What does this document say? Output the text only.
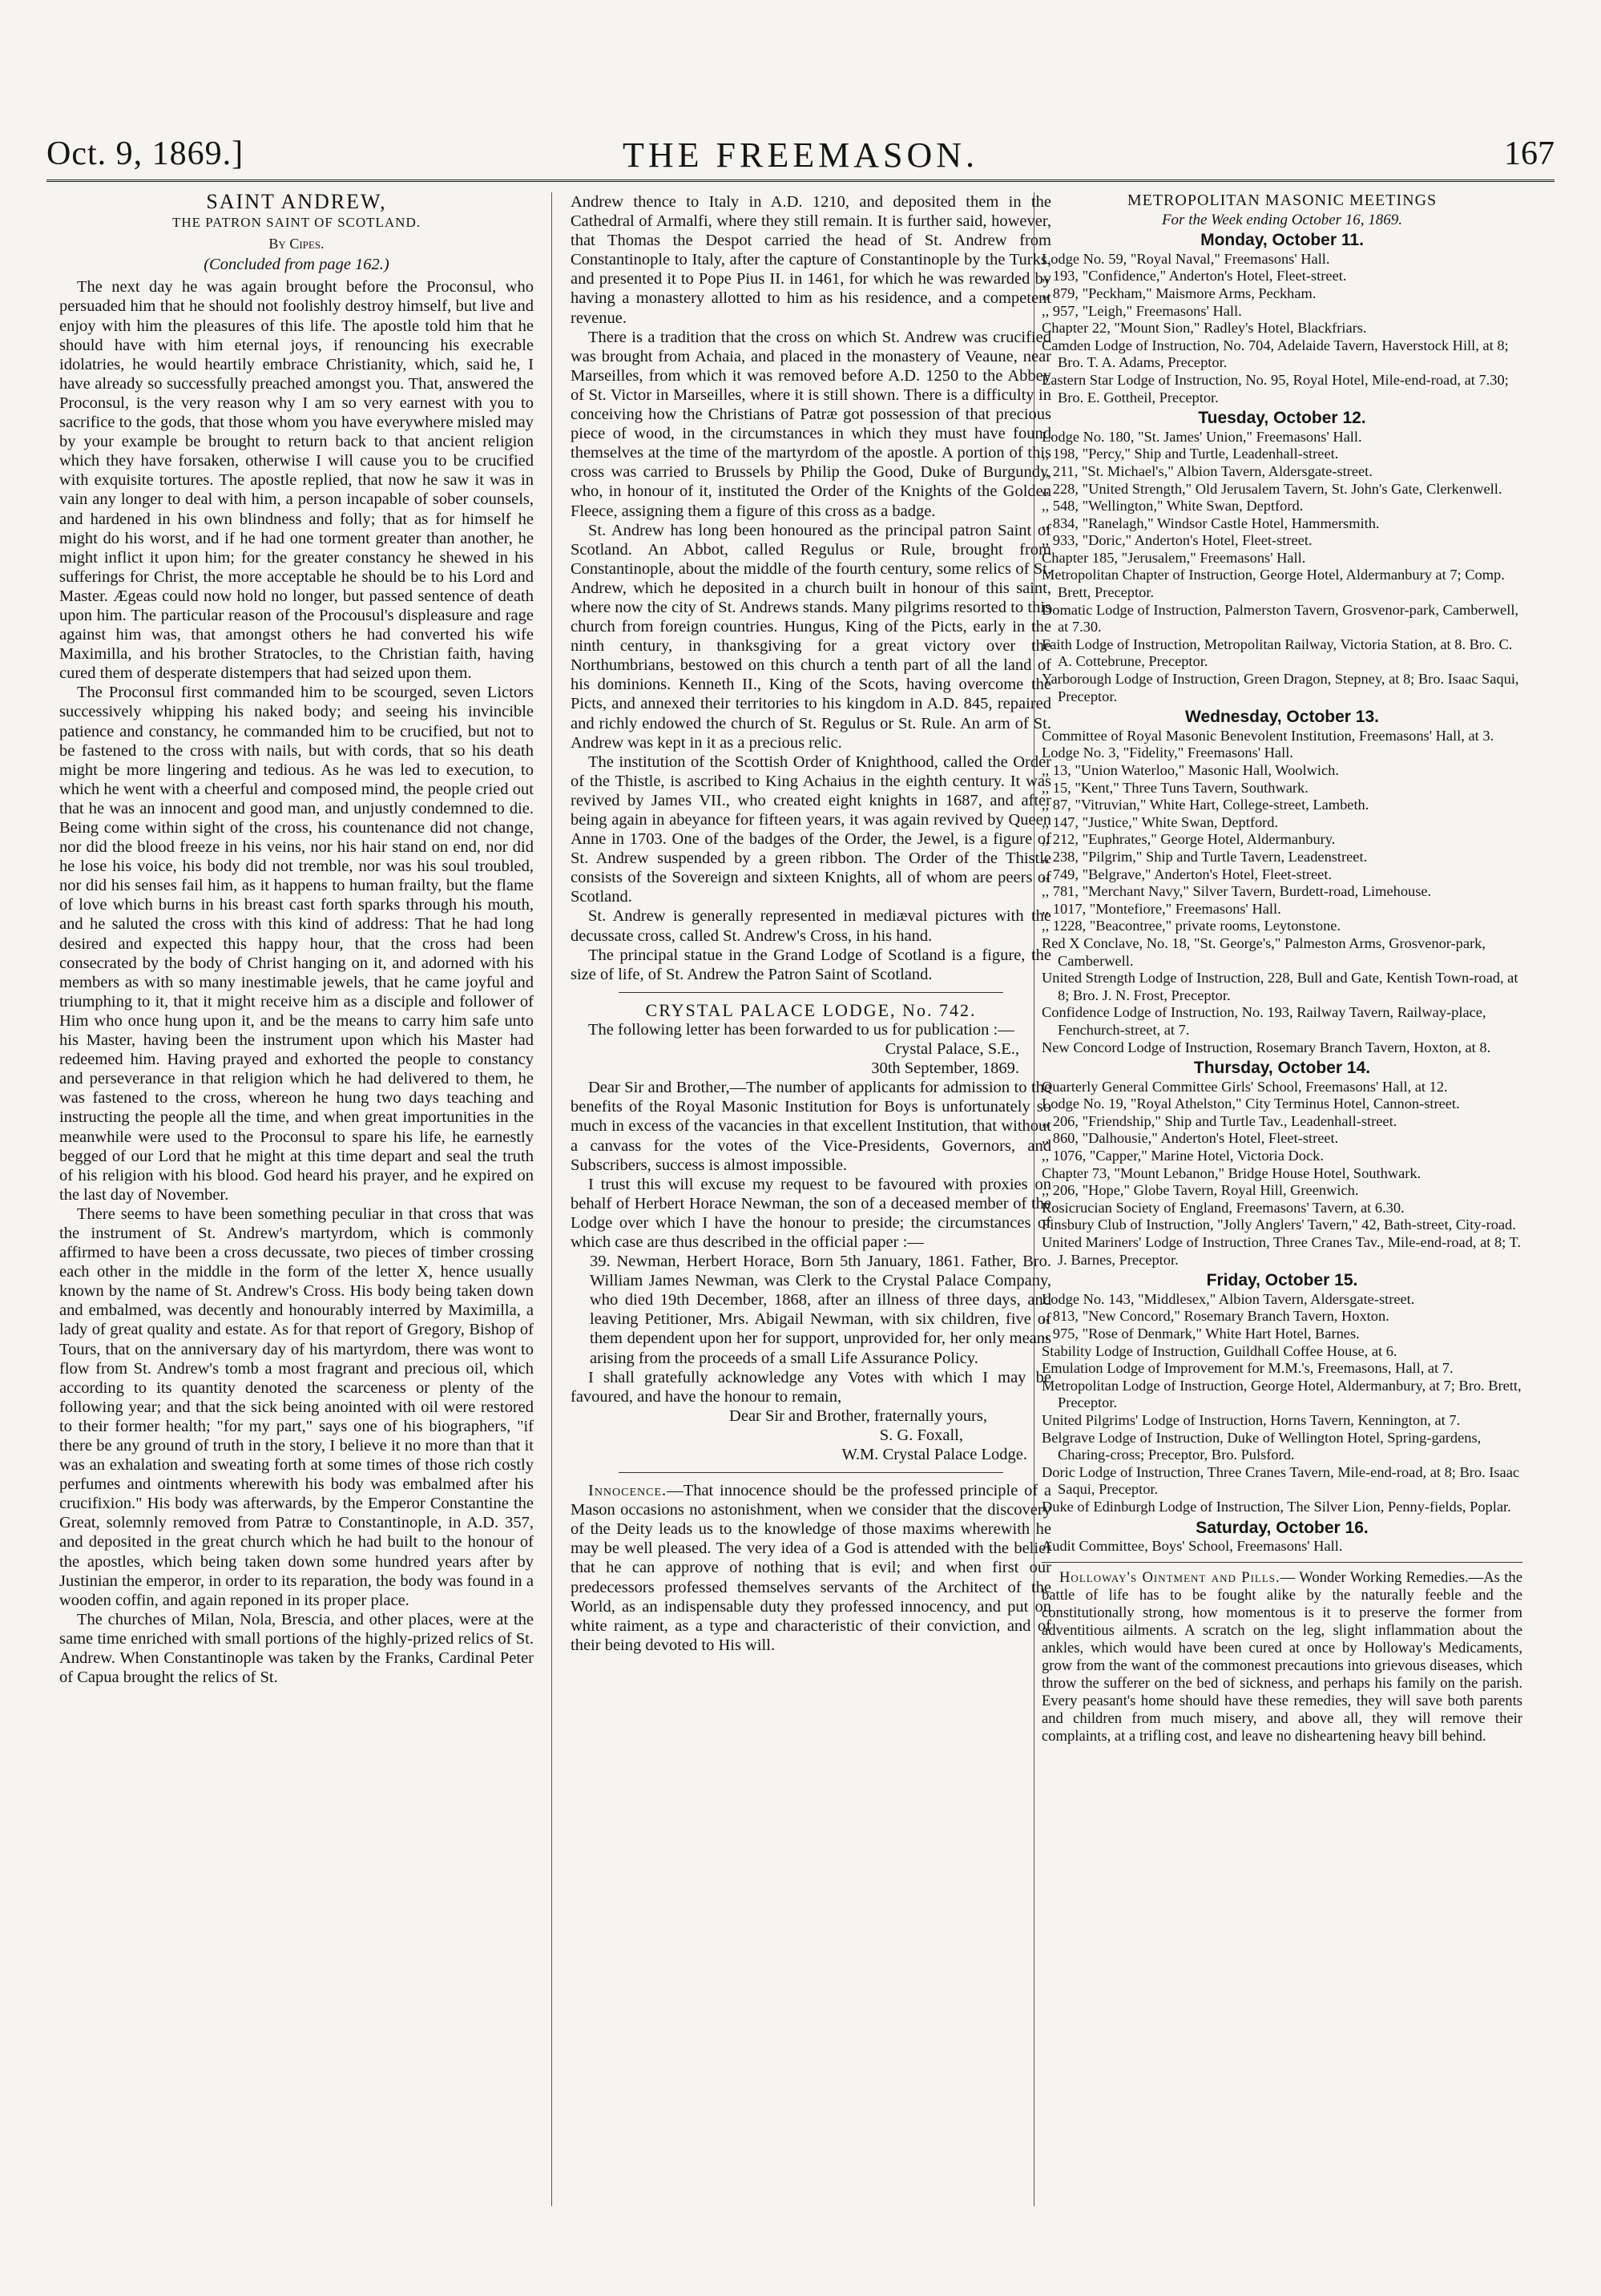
Oct. 9, 1869.]	THE FREEMASON.	167
SAINT ANDREW,
THE PATRON SAINT OF SCOTLAND.
By Cipes.
(Concluded from page 162.)

The next day he was again brought before the Proconsul, who persuaded him that he should not foolishly destroy himself, but live and enjoy with him the pleasures of this life. The apostle told him that he should have with him eternal joys, if renouncing his execrable idolatries, he would heartily embrace Christianity, which, said he, I have already so successfully preached amongst you. That, answered the Proconsul, is the very reason why I am so very earnest with you to sacrifice to the gods, that those whom you have everywhere misled may by your example be brought to return back to that ancient religion which they have forsaken, otherwise I will cause you to be crucified with exquisite tortures. The apostle replied, that now he saw it was in vain any longer to deal with him, a person incapable of sober counsels, and hardened in his own blindness and folly; that as for himself he might do his worst, and if he had one torment greater than another, he might inflict it upon him; for the greater constancy he shewed in his sufferings for Christ, the more acceptable he should be to his Lord and Master. Ægeas could now hold no longer, but passed sentence of death upon him. The particular reason of the Procousul's displeasure and rage against him was, that amongst others he had converted his wife Maximilla, and his brother Stratocles, to the Christian faith, having cured them of desperate distempers that had seized upon them.

The Proconsul first commanded him to be scourged, seven Lictors successively whipping his naked body; and seeing his invincible patience and constancy, he commanded him to be crucified, but not to be fastened to the cross with nails, but with cords, that so his death might be more lingering and tedious. As he was led to execution, to which he went with a cheerful and composed mind, the people cried out that he was an innocent and good man, and unjustly condemned to die. Being come within sight of the cross, his countenance did not change, nor did the blood freeze in his veins, nor his hair stand on end, nor did he lose his voice, his body did not tremble, nor was his soul troubled, nor did his senses fail him, as it happens to human frailty, but the flame of love which burns in his breast cast forth sparks through his mouth, and he saluted the cross with this kind of address: That he had long desired and expected this happy hour, that the cross had been consecrated by the body of Christ hanging on it, and adorned with his members as with so many inestimable jewels, that he came joyful and triumphing to it, that it might receive him as a disciple and follower of Him who once hung upon it, and be the means to carry him safe unto his Master, having been the instrument upon which his Master had redeemed him. Having prayed and exhorted the people to constancy and perseverance in that religion which he had delivered to them, he was fastened to the cross, whereon he hung two days teaching and instructing the people all the time, and when great importunities in the meanwhile were used to the Proconsul to spare his life, he earnestly begged of our Lord that he might at this time depart and seal the truth of his religion with his blood. God heard his prayer, and he expired on the last day of November.

There seems to have been something peculiar in that cross that was the instrument of St. Andrew's martyrdom, which is commonly affirmed to have been a cross decussate, two pieces of timber crossing each other in the middle in the form of the letter X, hence usually known by the name of St. Andrew's Cross. His body being taken down and embalmed, was decently and honourably interred by Maximilla, a lady of great quality and estate. As for that report of Gregory, Bishop of Tours, that on the anniversary day of his martyrdom, there was wont to flow from St. Andrew's tomb a most fragrant and precious oil, which according to its quantity denoted the scarceness or plenty of the following year; and that the sick being anointed with oil were restored to their former health; "for my part," says one of his biographers, "if there be any ground of truth in the story, I believe it no more than that it was an exhalation and sweating forth at some times of those rich costly perfumes and ointments wherewith his body was embalmed after his crucifixion." His body was afterwards, by the Emperor Constantine the Great, solemnly removed from Patræ to Constantinople, in A.D. 357, and deposited in the great church which he had built to the honour of the apostles, which being taken down some hundred years after by Justinian the emperor, in order to its reparation, the body was found in a wooden coffin, and again reponed in its proper place.

The churches of Milan, Nola, Brescia, and other places, were at the same time enriched with small portions of the highly-prized relics of St. Andrew. When Constantinople was taken by the Franks, Cardinal Peter of Capua brought the relics of St.

Andrew thence to Italy in A.D. 1210, and deposited them in the Cathedral of Armalfi, where they still remain. It is further said, however, that Thomas the Despot carried the head of St. Andrew from Constantinople to Italy, after the capture of Constantinople by the Turks, and presented it to Pope Pius II. in 1461, for which he was rewarded by having a monastery allotted to him as his residence, and a competent revenue.

There is a tradition that the cross on which St. Andrew was crucified was brought from Achaia, and placed in the monastery of Veaune, near Marseilles, from which it was removed before A.D. 1250 to the Abbey of St. Victor in Marseilles, where it is still shown. There is a difficulty in conceiving how the Christians of Patræ got possession of that precious piece of wood, in the circumstances in which they must have found themselves at the time of the martyrdom of the apostle. A portion of this cross was carried to Brussels by Philip the Good, Duke of Burgundy, who, in honour of it, instituted the Order of the Knights of the Golden Fleece, assigning them a figure of this cross as a badge.

St. Andrew has long been honoured as the principal patron Saint of Scotland. An Abbot, called Regulus or Rule, brought from Constantinople, about the middle of the fourth century, some relics of St. Andrew, which he deposited in a church built in honour of this saint, where now the city of St. Andrews stands. Many pilgrims resorted to this church from foreign countries. Hungus, King of the Picts, early in the ninth century, in thanksgiving for a great victory over the Northumbrians, bestowed on this church a tenth part of all the land of his dominions. Kenneth II., King of the Scots, having overcome the Picts, and annexed their territories to his kingdom in A.D. 845, repaired and richly endowed the church of St. Regulus or St. Rule. An arm of St. Andrew was kept in it as a precious relic.

The institution of the Scottish Order of Knighthood, called the Order of the Thistle, is ascribed to King Achaius in the eighth century. It was revived by James VII., who created eight knights in 1687, and after being again in abeyance for fifteen years, it was again revived by Queen Anne in 1703. One of the badges of the Order, the Jewel, is a figure of St. Andrew suspended by a green ribbon. The Order of the Thistle consists of the Sovereign and sixteen Knights, all of whom are peers of Scotland.

St. Andrew is generally represented in mediæval pictures with the decussate cross, called St. Andrew's Cross, in his hand.

The principal statue in the Grand Lodge of Scotland is a figure, the size of life, of St. Andrew the Patron Saint of Scotland.

CRYSTAL PALACE LODGE, No. 742.

The following letter has been forwarded to us for publication :—

Crystal Palace, S.E.,
30th September, 1869.

Dear Sir and Brother,—The number of applicants for admission to the benefits of the Royal Masonic Institution for Boys is unfortunately so much in excess of the vacancies in that excellent Institution, that without a canvass for the votes of the Vice-Presidents, Governors, and Subscribers, success is almost impossible.

I trust this will excuse my request to be favoured with proxies on behalf of Herbert Horace Newman, the son of a deceased member of the Lodge over which I have the honour to preside; the circumstances of which case are thus described in the official paper :—

39. Newman, Herbert Horace, Born 5th January, 1861. Father, Bro. William James Newman, was Clerk to the Crystal Palace Company, who died 19th December, 1868, after an illness of three days, and leaving Petitioner, Mrs. Abigail Newman, with six children, five of them dependent upon her for support, unprovided for, her only means arising from the proceeds of a small Life Assurance Policy.

I shall gratefully acknowledge any Votes with which I may be favoured, and have the honour to remain,

Dear Sir and Brother, fraternally yours,
S. G. Foxall,
W.M. Crystal Palace Lodge.

Innocence.—That innocence should be the professed principle of a Mason occasions no astonishment, when we consider that the discovery of the Deity leads us to the knowledge of those maxims wherewith he may be well pleased. The very idea of a God is attended with the belief that he can approve of nothing that is evil; and when first our predecessors professed themselves servants of the Architect of the World, as an indispensable duty they professed innocency, and put on white raiment, as a type and characteristic of their conviction, and of their being devoted to His will.

METROPOLITAN MASONIC MEETINGS
For the Week ending October 16, 1869.
Monday, October 11.
Lodge No. 59, "Royal Naval," Freemasons' Hall.
,, 193, "Confidence," Anderton's Hotel, Fleet-street.
,, 879, "Peckham," Maismore Arms, Peckham.
,, 957, "Leigh," Freemasons' Hall.
Chapter 22, "Mount Sion," Radley's Hotel, Blackfriars.
Camden Lodge of Instruction, No. 704, Adelaide Tavern, Haverstock Hill, at 8; Bro. T. A. Adams, Preceptor.
Eastern Star Lodge of Instruction, No. 95, Royal Hotel, Mile-end-road, at 7.30; Bro. E. Gottheil, Preceptor.
Tuesday, October 12.
Lodge No. 180, "St. James' Union," Freemasons' Hall.
,, 198, "Percy," Ship and Turtle, Leadenhall-street.
,, 211, "St. Michael's," Albion Tavern, Aldersgate-street.
,, 228, "United Strength," Old Jerusalem Tavern, St. John's Gate, Clerkenwell.
,, 548, "Wellington," White Swan, Deptford.
,, 834, "Ranelagh," Windsor Castle Hotel, Hammersmith.
,, 933, "Doric," Anderton's Hotel, Fleet-street.
Chapter 185, "Jerusalem," Freemasons' Hall.
Metropolitan Chapter of Instruction, George Hotel, Aldermanbury at 7; Comp. Brett, Preceptor.
Domatic Lodge of Instruction, Palmerston Tavern, Grosvenor-park, Camberwell, at 7.30.
Faith Lodge of Instruction, Metropolitan Railway, Victoria Station, at 8. Bro. C. A. Cottebrune, Preceptor.
Yarborough Lodge of Instruction, Green Dragon, Stepney, at 8; Bro. Isaac Saqui, Preceptor.
Wednesday, October 13.
Committee of Royal Masonic Benevolent Institution, Freemasons' Hall, at 3.
Lodge No. 3, "Fidelity," Freemasons' Hall.
,, 13, "Union Waterloo," Masonic Hall, Woolwich.
,, 15, "Kent," Three Tuns Tavern, Southwark.
,, 87, "Vitruvian," White Hart, College-street, Lambeth.
,, 147, "Justice," White Swan, Deptford.
,, 212, "Euphrates," George Hotel, Aldermanbury.
,, 238, "Pilgrim," Ship and Turtle Tavern, Leadenstreet.
,, 749, "Belgrave," Anderton's Hotel, Fleet-street.
,, 781, "Merchant Navy," Silver Tavern, Burdett-road, Limehouse.
,, 1017, "Montefiore," Freemasons' Hall.
,, 1228, "Beacontree," private rooms, Leytonstone.
Red X Conclave, No. 18, "St. George's," Palmeston Arms, Grosvenor-park, Camberwell.
United Strength Lodge of Instruction, 228, Bull and Gate, Kentish Town-road, at 8; Bro. J. N. Frost, Preceptor.
Confidence Lodge of Instruction, No. 193, Railway Tavern, Railway-place, Fenchurch-street, at 7.
New Concord Lodge of Instruction, Rosemary Branch Tavern, Hoxton, at 8.
Thursday, October 14.
Quarterly General Committee Girls' School, Freemasons' Hall, at 12.
Lodge No. 19, "Royal Athelston," City Terminus Hotel, Cannon-street.
,, 206, "Friendship," Ship and Turtle Tav., Leadenhall-street.
,, 860, "Dalhousie," Anderton's Hotel, Fleet-street.
,, 1076, "Capper," Marine Hotel, Victoria Dock.
Chapter 73, "Mount Lebanon," Bridge House Hotel, Southwark.
,, 206, "Hope," Globe Tavern, Royal Hill, Greenwich.
Rosicrucian Society of England, Freemasons' Tavern, at 6.30.
Finsbury Club of Instruction, "Jolly Anglers' Tavern," 42, Bath-street, City-road.
United Mariners' Lodge of Instruction, Three Cranes Tav., Mile-end-road, at 8; T. J. Barnes, Preceptor.
Friday, October 15.
Lodge No. 143, "Middlesex," Albion Tavern, Aldersgate-street.
,, 813, "New Concord," Rosemary Branch Tavern, Hoxton.
,, 975, "Rose of Denmark," White Hart Hotel, Barnes.
Stability Lodge of Instruction, Guildhall Coffee House, at 6.
Emulation Lodge of Improvement for M.M.'s, Freemasons, Hall, at 7.
Metropolitan Lodge of Instruction, George Hotel, Aldermanbury, at 7; Bro. Brett, Preceptor.
United Pilgrims' Lodge of Instruction, Horns Tavern, Kennington, at 7.
Belgrave Lodge of Instruction, Duke of Wellington Hotel, Spring-gardens, Charing-cross; Preceptor, Bro. Pulsford.
Doric Lodge of Instruction, Three Cranes Tavern, Mile-end-road, at 8; Bro. Isaac Saqui, Preceptor.
Duke of Edinburgh Lodge of Instruction, The Silver Lion, Penny-fields, Poplar.
Saturday, October 16.
Audit Committee, Boys' School, Freemasons' Hall.
Holloway's Ointment and Pills.— Wonder Working Remedies.—As the battle of life has to be fought alike by the naturally feeble and the constitutionally strong, how momentous is it to preserve the former from adventitious ailments. A scratch on the leg, slight inflammation about the ankles, which would have been cured at once by Holloway's Medicaments, grow from the want of the commonest precautions into grievous diseases, which throw the sufferer on the bed of sickness, and perhaps his family on the parish. Every peasant's home should have these remedies, they will save both parents and children from much misery, and above all, they will remove their complaints, at a trifling cost, and leave no disheartening heavy bill behind.
